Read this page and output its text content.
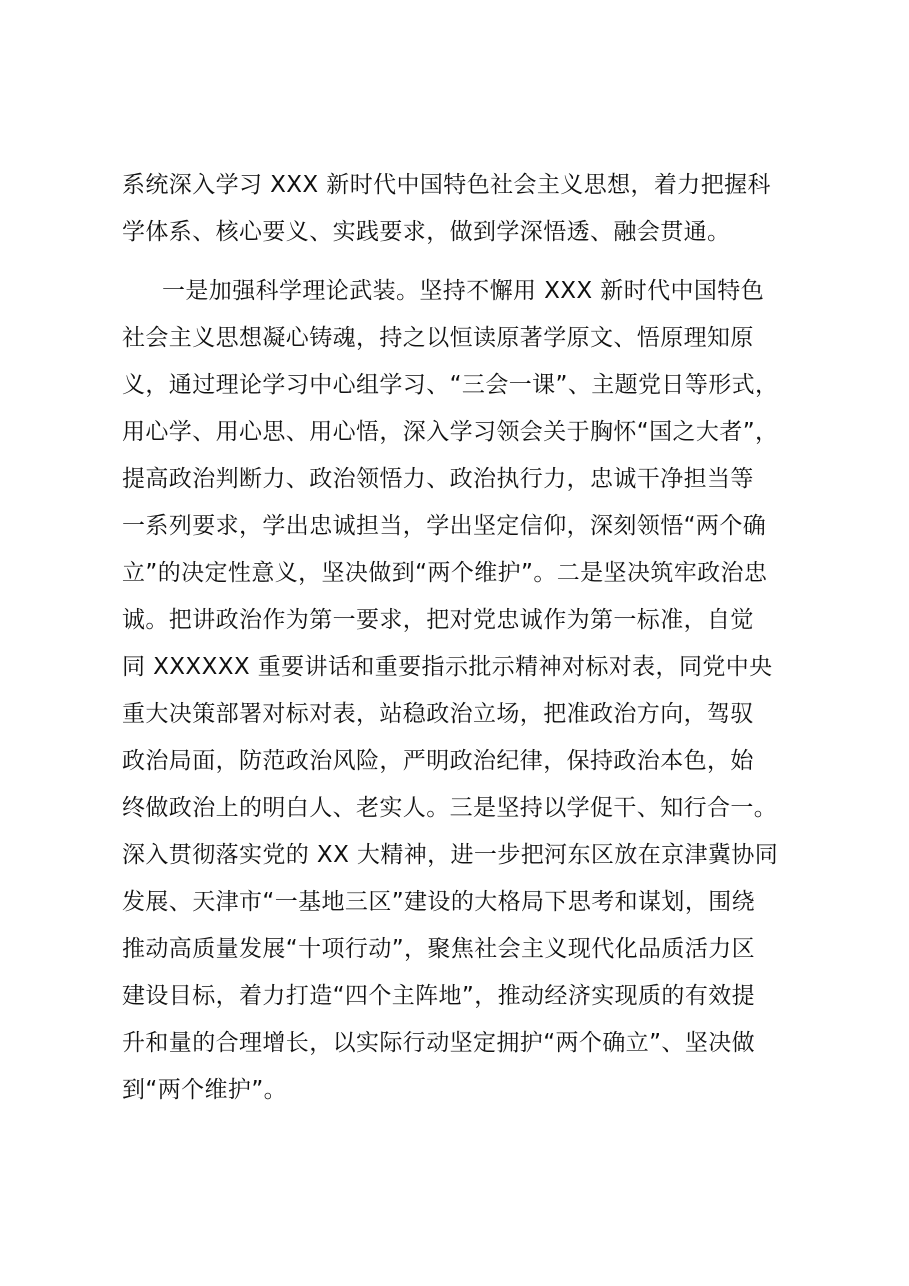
系统深入学习 XXX 新时代中国特色社会主义思想，着力把握科
学体系、核心要义、实践要求，做到学深悟透、融会贯通。
一是加强科学理论武装。坚持不懈用 XXX 新时代中国特色
社会主义思想凝心铸魂，持之以恒读原著学原文、悟原理知原
义，通过理论学习中心组学习、“三会一课”、主题党日等形式，
用心学、用心思、用心悟，深入学习领会关于胸怀“国之大者”，
提高政治判断力、政治领悟力、政治执行力，忠诚干净担当等
一系列要求，学出忠诚担当，学出坚定信仰，深刻领悟“两个确
立”的决定性意义，坚决做到“两个维护”。二是坚决筑牢政治忠
诚。把讲政治作为第一要求，把对党忠诚作为第一标准，自觉
同 XXXXXX 重要讲话和重要指示批示精神对标对表，同党中央
重大决策部署对标对表，站稳政治立场，把准政治方向，驾驭
政治局面，防范政治风险，严明政治纪律，保持政治本色，始
终做政治上的明白人、老实人。三是坚持以学促干、知行合一。
深入贯彻落实党的 XX 大精神，进一步把河东区放在京津冀协同
发展、天津市“一基地三区”建设的大格局下思考和谋划，围绕
推动高质量发展“十项行动”，聚焦社会主义现代化品质活力区
建设目标，着力打造“四个主阵地”，推动经济实现质的有效提
升和量的合理增长，以实际行动坚定拥护“两个确立”、坚决做
到“两个维护”。
